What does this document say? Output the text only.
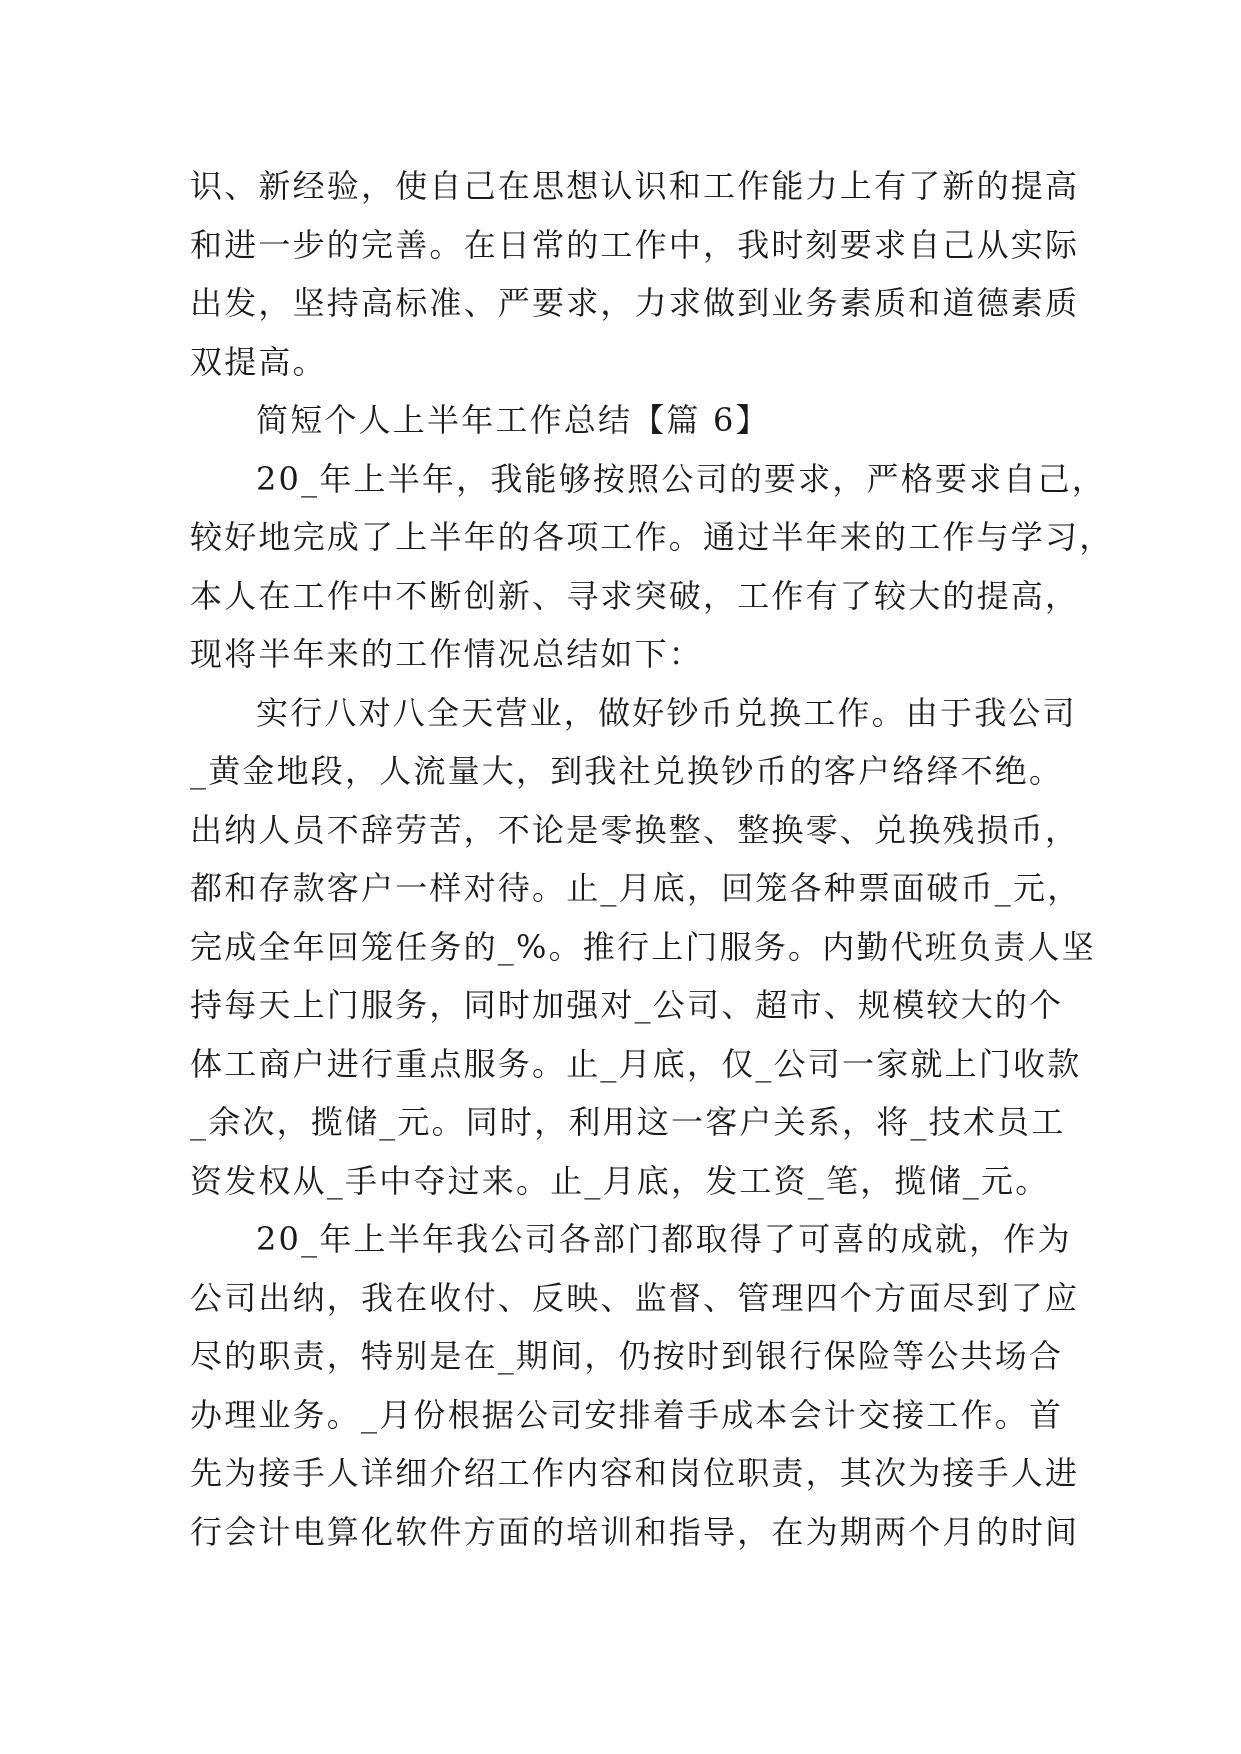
识、新经验，使自己在思想认识和工作能力上有了新的提高
和进一步的完善。在日常的工作中，我时刻要求自己从实际
出发，坚持高标准、严要求，力求做到业务素质和道德素质
双提高。
简短个人上半年工作总结【篇 6】
20_年上半年，我能够按照公司的要求，严格要求自己，
较好地完成了上半年的各项工作。通过半年来的工作与学习，
本人在工作中不断创新、寻求突破，工作有了较大的提高，
现将半年来的工作情况总结如下：
实行八对八全天营业，做好钞币兑换工作。由于我公司
_黄金地段，人流量大，到我社兑换钞币的客户络绎不绝。
出纳人员不辞劳苦，不论是零换整、整换零、兑换残损币，
都和存款客户一样对待。止_月底，回笼各种票面破币_元，
完成全年回笼任务的_%。推行上门服务。内勤代班负责人坚
持每天上门服务，同时加强对_公司、超市、规模较大的个
体工商户进行重点服务。止_月底，仅_公司一家就上门收款
_余次，揽储_元。同时，利用这一客户关系，将_技术员工
资发权从_手中夺过来。止_月底，发工资_笔，揽储_元。
20_年上半年我公司各部门都取得了可喜的成就，作为
公司出纳，我在收付、反映、监督、管理四个方面尽到了应
尽的职责，特别是在_期间，仍按时到银行保险等公共场合
办理业务。_月份根据公司安排着手成本会计交接工作。首
先为接手人详细介绍工作内容和岗位职责，其次为接手人进
行会计电算化软件方面的培训和指导，在为期两个月的时间
